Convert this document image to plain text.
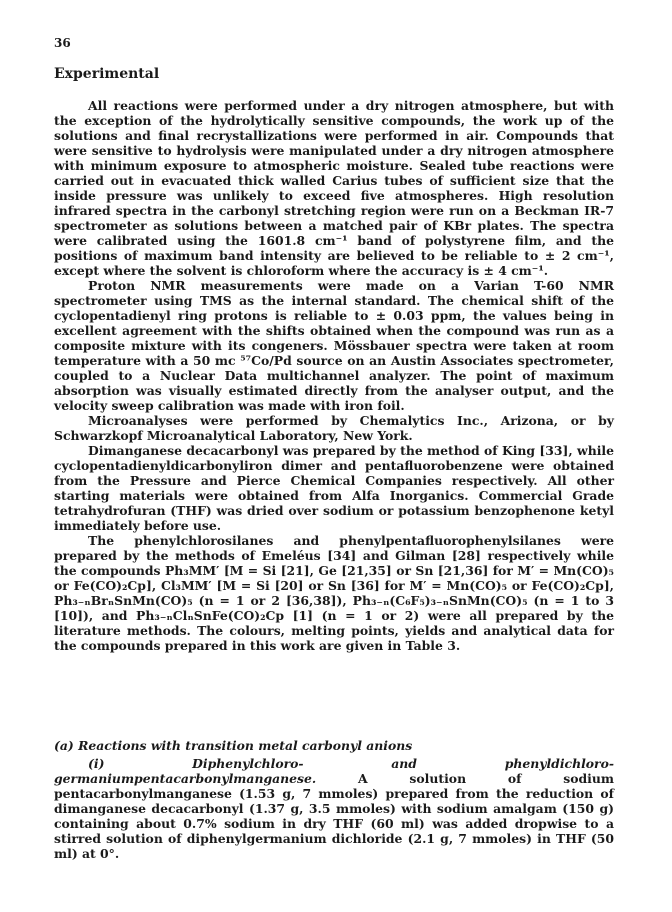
36
Experimental

All reactions were performed under a dry nitrogen atmosphere, but with the exception of the hydrolytically sensitive compounds, the work up of the solutions and final recrystallizations were performed in air. Compounds that were sensitive to hydrolysis were manipulated under a dry nitrogen atmosphere with minimum exposure to atmospheric moisture. Sealed tube reactions were carried out in evacuated thick walled Carius tubes of sufficient size that the inside pressure was unlikely to exceed five atmospheres. High resolution infrared spectra in the carbonyl stretching region were run on a Beckman IR-7 spectrometer as solutions between a matched pair of KBr plates. The spectra were calibrated using the 1601.8 cm⁻¹ band of polystyrene film, and the positions of maximum band intensity are believed to be reliable to ± 2 cm⁻¹, except where the solvent is chloroform where the accuracy is ± 4 cm⁻¹.

Proton NMR measurements were made on a Varian T-60 NMR spectrometer using TMS as the internal standard. The chemical shift of the cyclopentadienyl ring protons is reliable to ± 0.03 ppm, the values being in excellent agreement with the shifts obtained when the compound was run as a composite mixture with its congeners. Mössbauer spectra were taken at room temperature with a 50 mc ⁵⁷Co/Pd source on an Austin Associates spectrometer, coupled to a Nuclear Data multichannel analyzer. The point of maximum absorption was visually estimated directly from the analyser output, and the velocity sweep calibration was made with iron foil.

Microanalyses were performed by Chemalytics Inc., Arizona, or by Schwarzkopf Microanalytical Laboratory, New York.

Dimanganese decacarbonyl was prepared by the method of King [33], while cyclopentadienyldicarbonyliron dimer and pentafluorobenzene were obtained from the Pressure and Pierce Chemical Companies respectively. All other starting materials were obtained from Alfa Inorganics. Commercial Grade tetrahydrofuran (THF) was dried over sodium or potassium benzophenone ketyl immediately before use.

The phenylchlorosilanes and phenylpentafluorophenylsilanes were prepared by the methods of Emeléus [34] and Gilman [28] respectively while the compounds Ph₃MM′ [M = Si [21], Ge [21,35] or Sn [21,36] for M′ = Mn(CO)₅ or Fe(CO)₂Cp], Cl₃MM′ [M = Si [20] or Sn [36] for M′ = Mn(CO)₅ or Fe(CO)₂Cp], Ph₃₋ₙBrₙSnMn(CO)₅ (n = 1 or 2 [36,38]), Ph₃₋ₙ(C₆F₅)₃₋ₙSnMn(CO)₅ (n = 1 to 3 [10]), and Ph₃₋ₙClₙSnFe(CO)₂Cp [1] (n = 1 or 2) were all prepared by the literature methods. The colours, melting points, yields and analytical data for the compounds prepared in this work are given in Table 3.

(a) Reactions with transition metal carbonyl anions

(i) Diphenylchloro- and phenyldichloro-germaniumpentacarbonylmanganese. A solution of sodium pentacarbonylmanganese (1.53 g, 7 mmoles) prepared from the reduction of dimanganese decacarbonyl (1.37 g, 3.5 mmoles) with sodium amalgam (150 g) containing about 0.7% sodium in dry THF (60 ml) was added dropwise to a stirred solution of diphenylgermanium dichloride (2.1 g, 7 mmoles) in THF (50 ml) at 0°.
